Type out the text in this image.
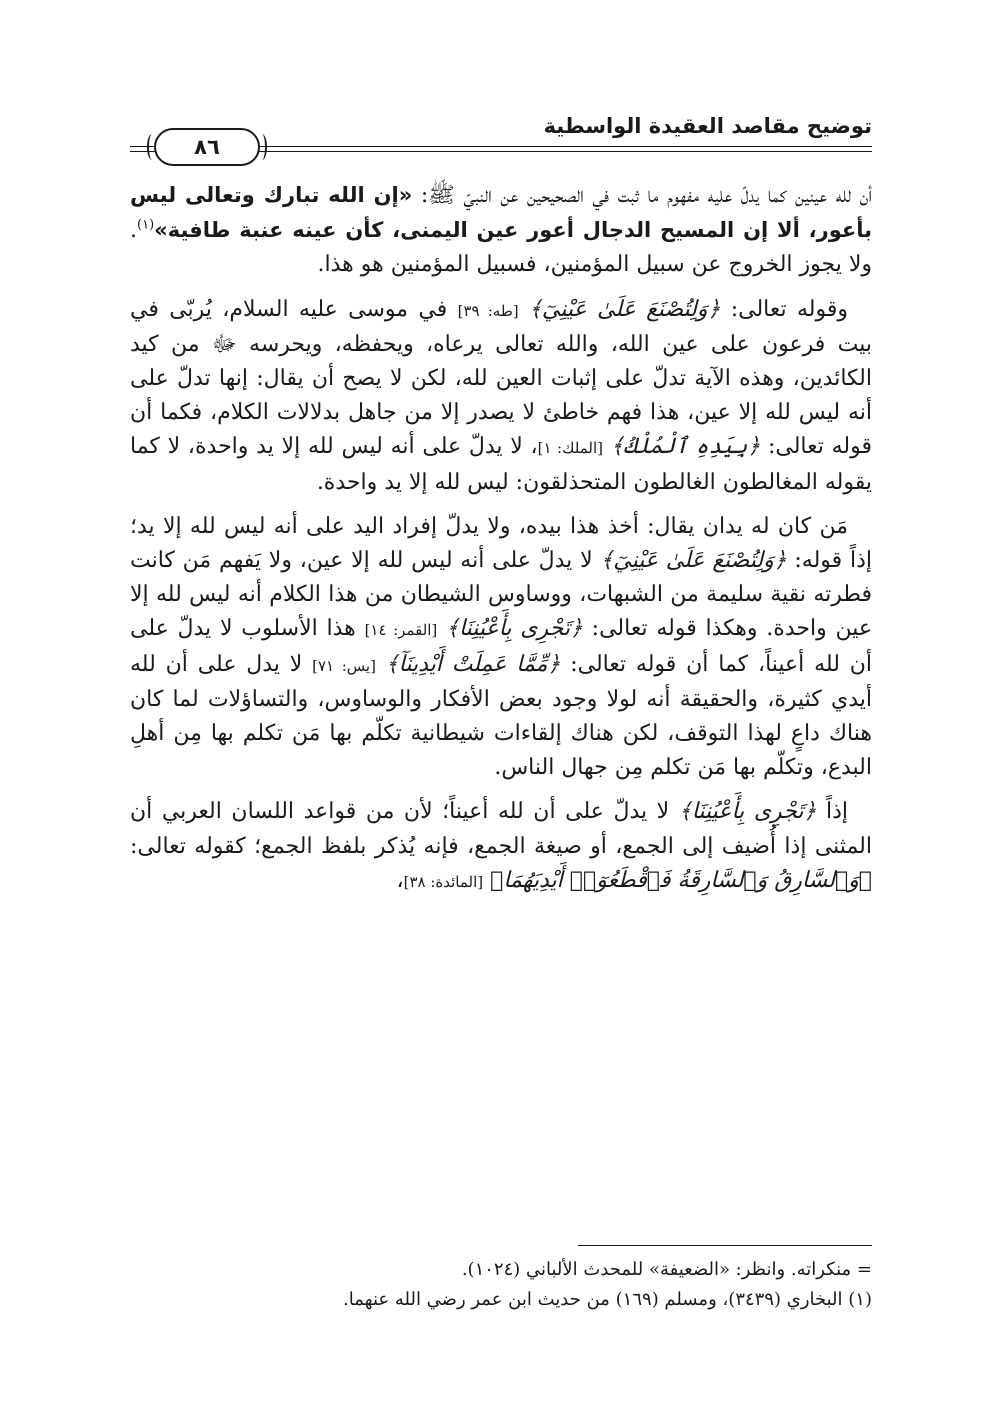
توضيح مقاصد العقيدة الواسطية
٨٦

أن لله عينين كما يدلّ عليه مفهوم ما ثبت في الصحيحين عن النبيّ ﷺ: «إن الله تبارك وتعالى ليس بأعور، ألا إن المسيح الدجال أعور عين اليمنى، كأن عينه عنبة طافية»$^{(١)}$. ولا يجوز الخروج عن سبيل المؤمنين، فسبيل المؤمنين هو هذا.

وقوله تعالى: ﴿وَلِتُصْنَعَ عَلَىٰ عَيْنِيٓ﴾ [طه: ٣٩] في موسى عليه السلام، يُربّى في بيت فرعون على عين الله، والله تعالى يرعاه، ويحفظه، ويحرسه ﷻ من كيد الكائدين، وهذه الآية تدلّ على إثبات العين لله، لكن لا يصح أن يقال: إنها تدلّ على أنه ليس لله إلا عين، هذا فهم خاطئ لا يصدر إلا من جاهل بدلالات الكلام، فكما أن قوله تعالى: ﴿بِيَدِهِ ٱلْمُلْكُ﴾ [الملك: ١]، لا يدلّ على أنه ليس لله إلا يد واحدة، لا كما يقوله المغالطون الغالطون المتحذلقون: ليس لله إلا يد واحدة.

مَن كان له يدان يقال: أخذ هذا بيده، ولا يدلّ إفراد اليد على أنه ليس لله إلا يد؛ إذاً قوله: ﴿وَلِتُصْنَعَ عَلَىٰ عَيْنِيٓ﴾ لا يدلّ على أنه ليس لله إلا عين، ولا يَفهم مَن كانت فطرته نقية سليمة من الشبهات، ووساوس الشيطان من هذا الكلام أنه ليس لله إلا عين واحدة. وهكذا قوله تعالى: ﴿تَجْرِى بِأَعْيُنِنَا﴾ [القمر: ١٤] هذا الأسلوب لا يدلّ على أن لله أعيناً، كما أن قوله تعالى: ﴿مِّمَّا عَمِلَتْ أَيْدِينَآ﴾ [يس: ٧١] لا يدل على أن لله أيدي كثيرة، والحقيقة أنه لولا وجود بعض الأفكار والوساوس، والتساؤلات لما كان هناك داعٍ لهذا التوقف، لكن هناك إلقاءات شيطانية تكلّم بها مَن تكلم بها مِن أهلِ البدع، وتكلّم بها مَن تكلم مِن جهال الناس.

إذاً ﴿تَجْرِى بِأَعْيُنِنَا﴾ لا يدلّ على أن لله أعيناً؛ لأن من قواعد اللسان العربي أن المثنى إذا أُضيف إلى الجمع، أو صيغة الجمع، فإنه يُذكر بلفظ الجمع؛ كقوله تعالى: ﴿وَٱلسَّارِقُ وَٱلسَّارِقَةُ فَٱقْطَعُوٓا۟ أَيْدِيَهُمَا﴾ [المائدة: ٣٨]،

= منكراته. وانظر: «الضعيفة» للمحدث الألباني (١٠٢٤).
(١) البخاري (٣٤٣٩)، ومسلم (١٦٩) من حديث ابن عمر رضي الله عنهما.
